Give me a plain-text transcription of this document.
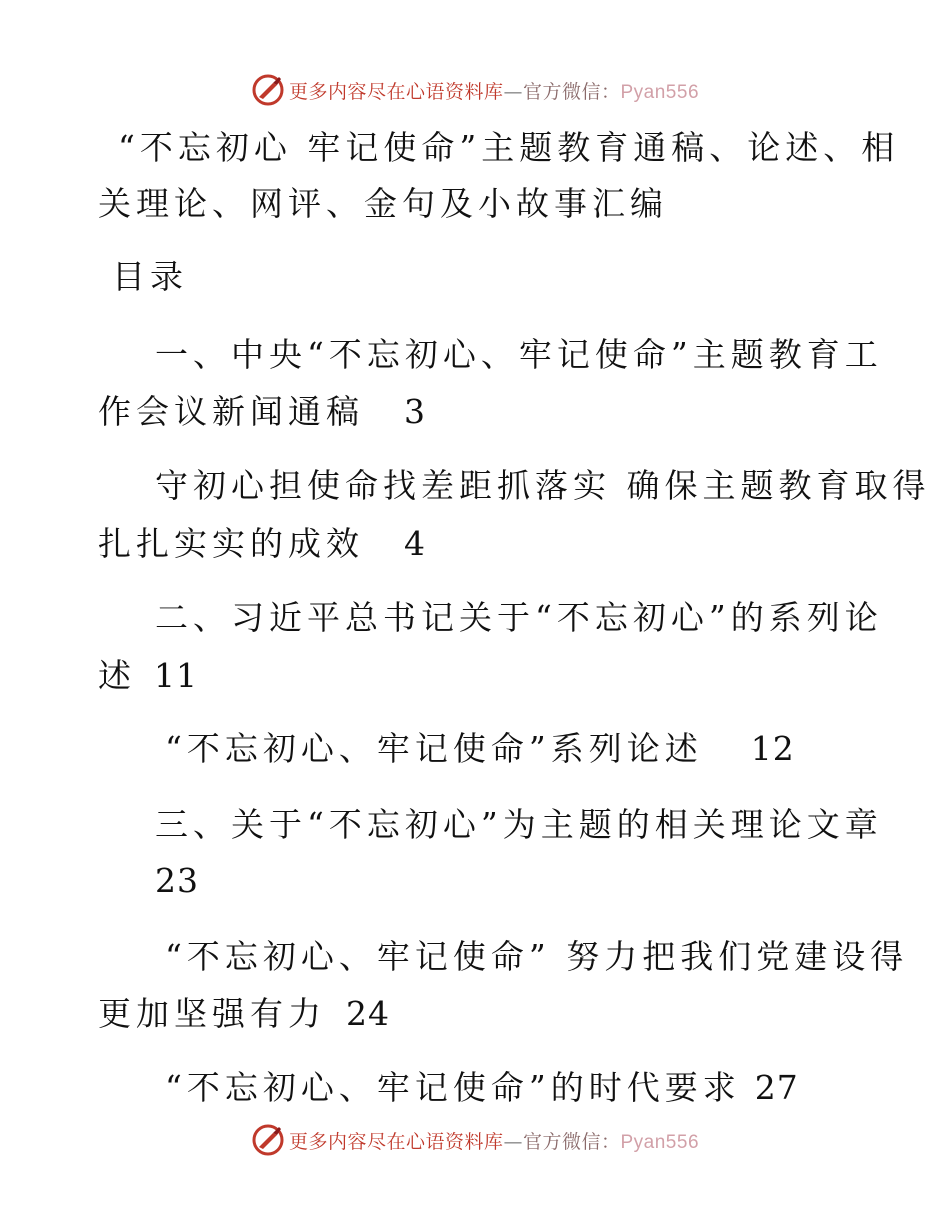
更多内容尽在心语资料库—官方微信：Pyan556
“不忘初心 牢记使命”主题教育通稿、论述、相
关理论、网评、金句及小故事汇编
目录
一、中央“不忘初心、牢记使命”主题教育工
作会议新闻通稿 3
守初心担使命找差距抓落实 确保主题教育取得
扎扎实实的成效 4
二、习近平总书记关于“不忘初心”的系列论
述 11
“不忘初心、牢记使命”系列论述 12
三、关于“不忘初心”为主题的相关理论文章
23
“不忘初心、牢记使命” 努力把我们党建设得
更加坚强有力 24
“不忘初心、牢记使命”的时代要求 27
更多内容尽在心语资料库—官方微信：Pyan556
